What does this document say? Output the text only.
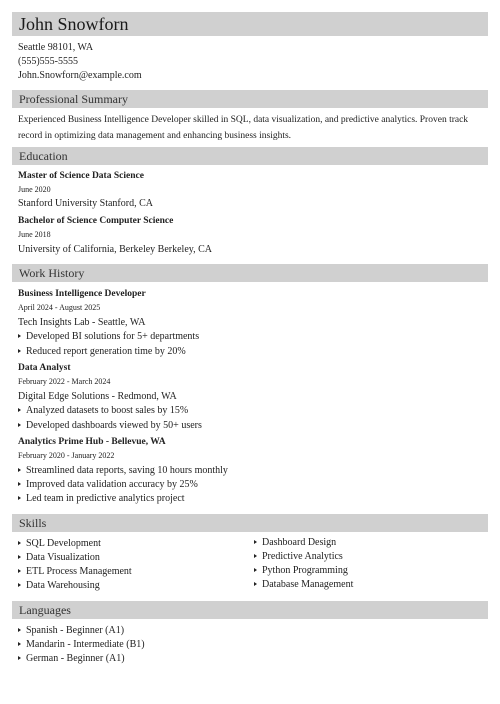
John Snowforn
Seattle 98101, WA
(555)555-5555
John.Snowforn@example.com
Professional Summary
Experienced Business Intelligence Developer skilled in SQL, data visualization, and predictive analytics. Proven track record in optimizing data management and enhancing business insights.
Education
Master of Science Data Science
June 2020
Stanford University Stanford, CA
Bachelor of Science Computer Science
June 2018
University of California, Berkeley Berkeley, CA
Work History
Business Intelligence Developer
April 2024 - August 2025
Tech Insights Lab - Seattle, WA
Developed BI solutions for 5+ departments
Reduced report generation time by 20%
Data Analyst
February 2022 - March 2024
Digital Edge Solutions - Redmond, WA
Analyzed datasets to boost sales by 15%
Developed dashboards viewed by 50+ users
Analytics Prime Hub - Bellevue, WA
February 2020 - January 2022
Streamlined data reports, saving 10 hours monthly
Improved data validation accuracy by 25%
Led team in predictive analytics project
Skills
SQL Development
Data Visualization
ETL Process Management
Data Warehousing
Dashboard Design
Predictive Analytics
Python Programming
Database Management
Languages
Spanish - Beginner (A1)
Mandarin - Intermediate (B1)
German - Beginner (A1)
